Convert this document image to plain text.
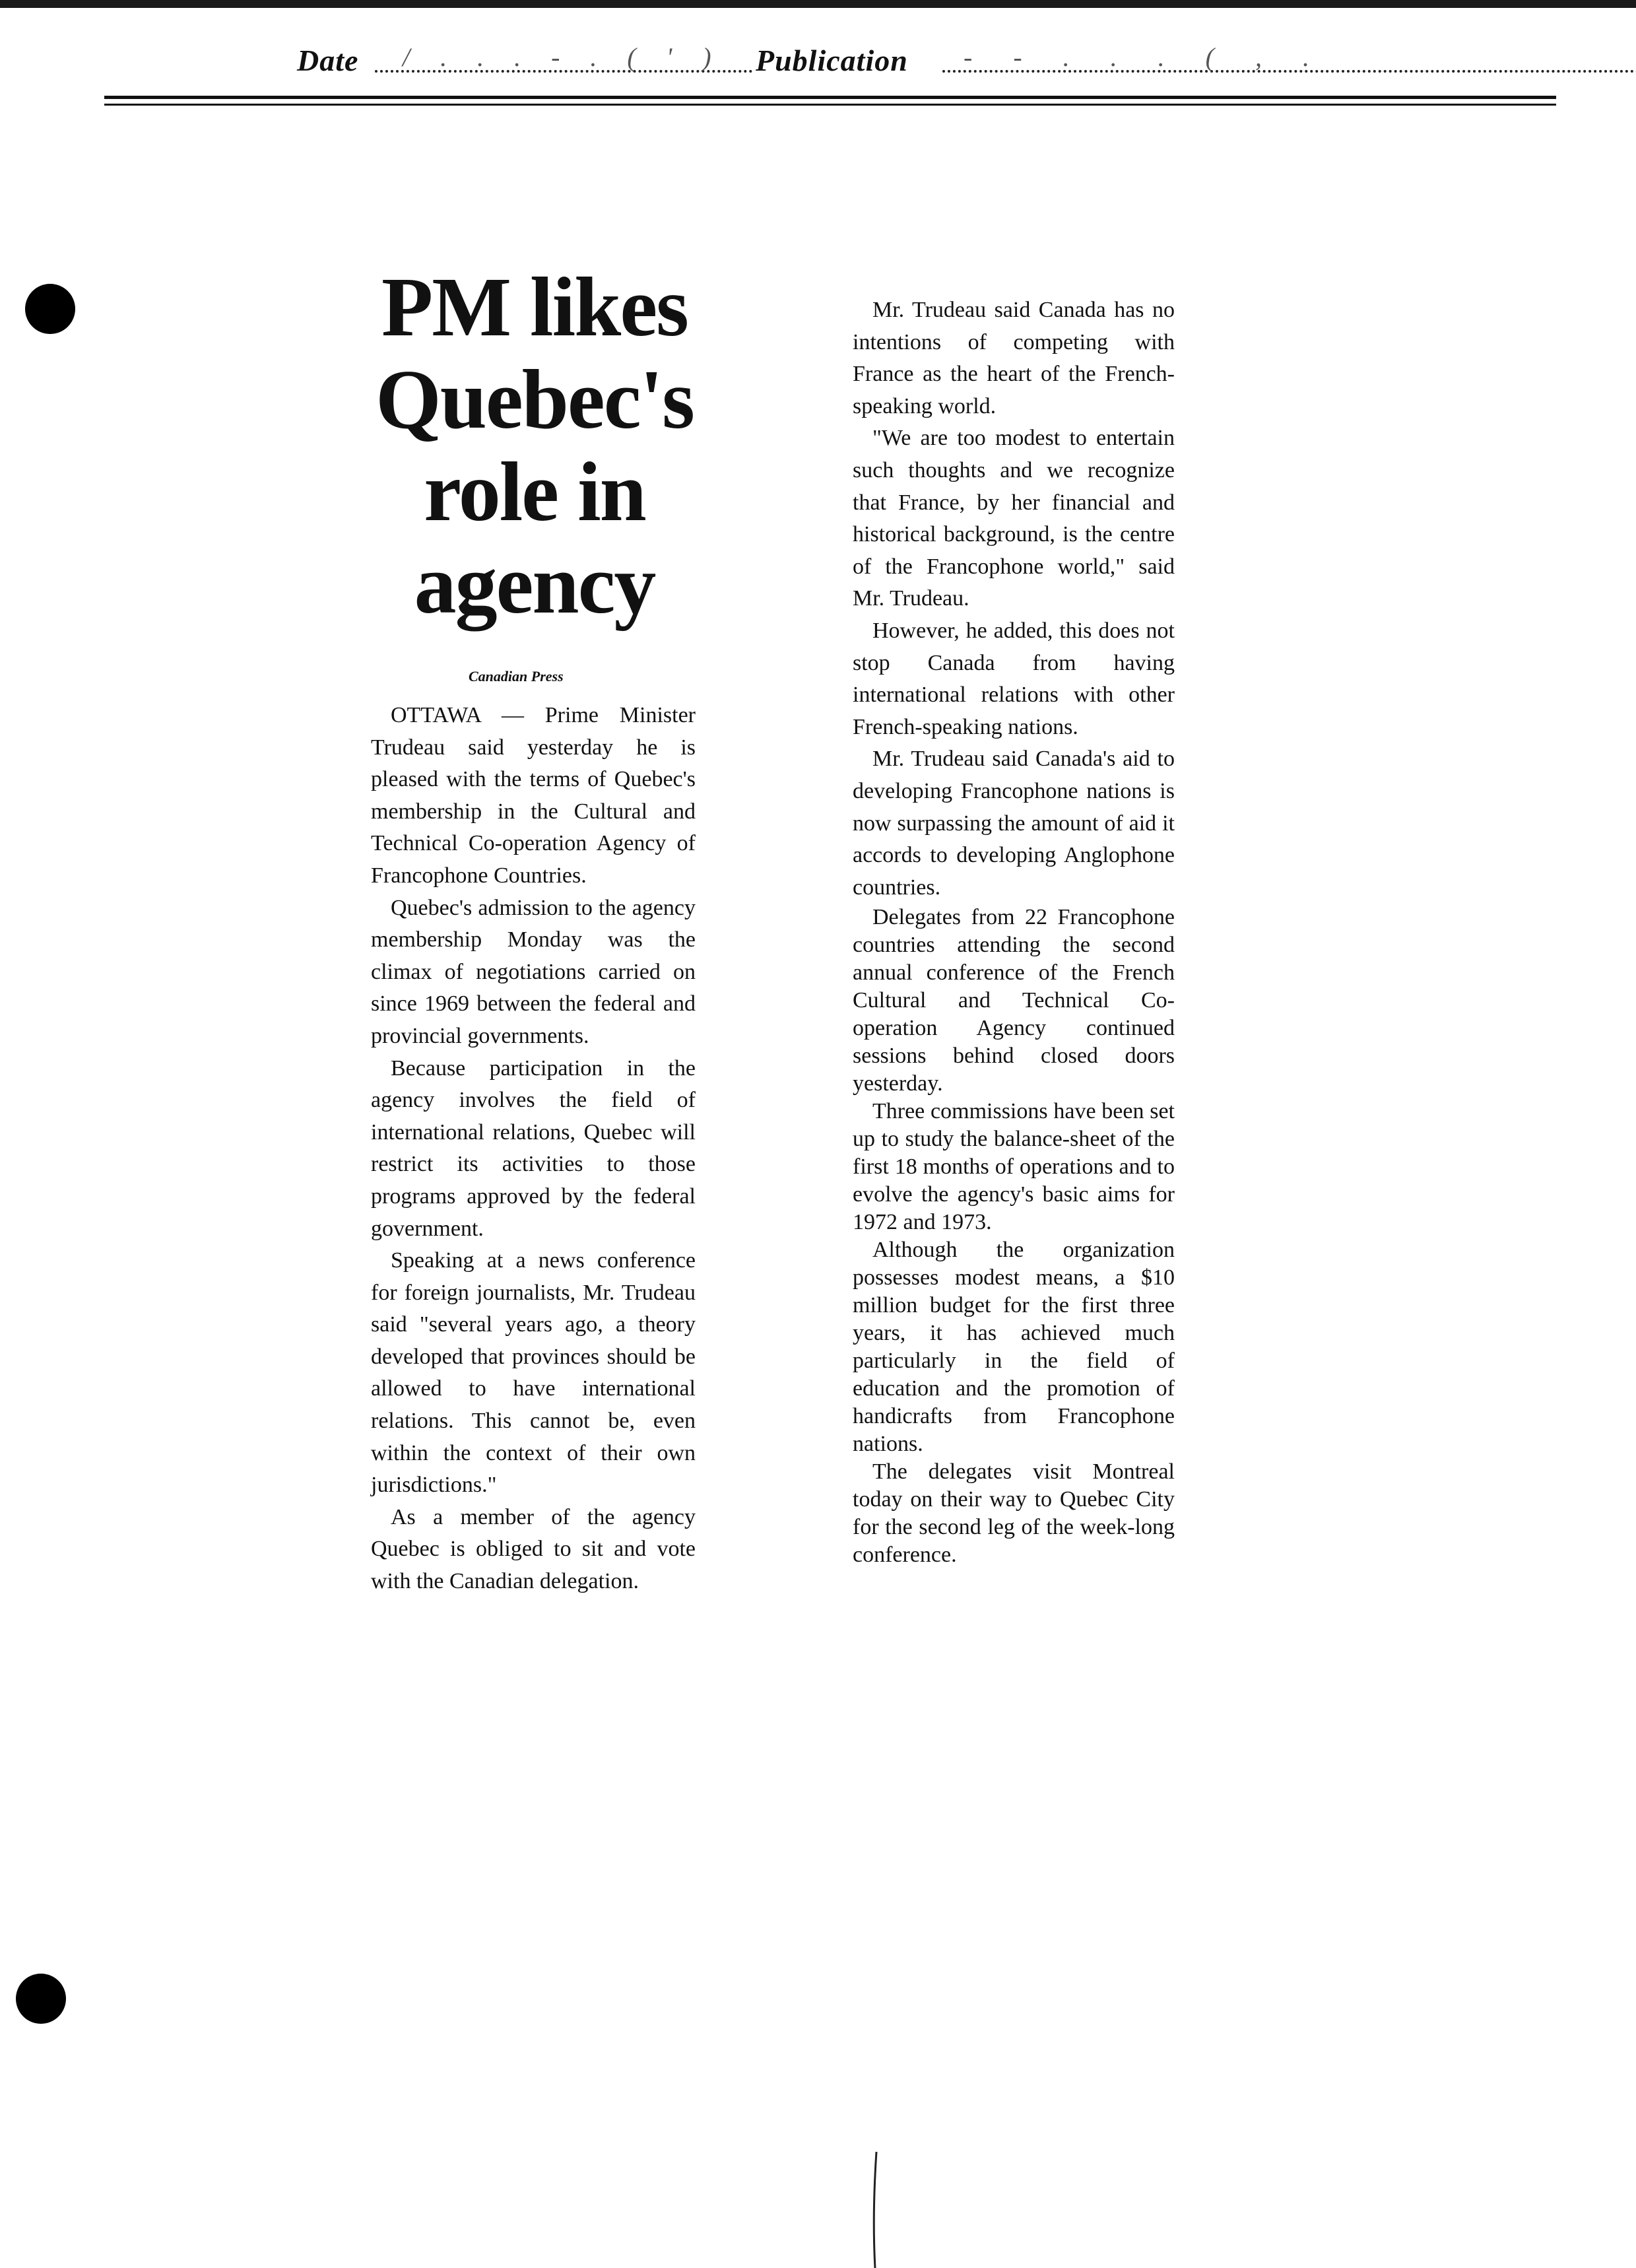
Date / . . . - . ( ' ) Publication - - . . . ( , .
PM likes
Quebec's
role in
agency
Canadian Press

OTTAWA — Prime Minister Trudeau said yesterday he is pleased with the terms of Quebec's membership in the Cultural and Technical Co-operation Agency of Francophone Countries.

Quebec's admission to the agency membership Monday was the climax of negotiations carried on since 1969 between the federal and provincial governments.

Because participation in the agency involves the field of international relations, Quebec will restrict its activities to those programs approved by the federal government.

Speaking at a news conference for foreign journalists, Mr. Trudeau said "several years ago, a theory developed that provinces should be allowed to have international relations. This cannot be, even within the context of their own jurisdictions."

As a member of the agency Quebec is obliged to sit and vote with the Canadian delegation.

Mr. Trudeau said Canada has no intentions of competing with France as the heart of the French-speaking world.

"We are too modest to entertain such thoughts and we recognize that France, by her financial and historical background, is the centre of the Francophone world," said Mr. Trudeau.

However, he added, this does not stop Canada from having international relations with other French-speaking nations.

Mr. Trudeau said Canada's aid to developing Francophone nations is now surpassing the amount of aid it accords to developing Anglophone countries.

Delegates from 22 Francophone countries attending the second annual conference of the French Cultural and Technical Co-operation Agency continued sessions behind closed doors yesterday.

Three commissions have been set up to study the balance-sheet of the first 18 months of operations and to evolve the agency's basic aims for 1972 and 1973.

Although the organization possesses modest means, a $10 million budget for the first three years, it has achieved much particularly in the field of education and the promotion of handicrafts from Francophone nations.

The delegates visit Montreal today on their way to Quebec City for the second leg of the week-long conference.
